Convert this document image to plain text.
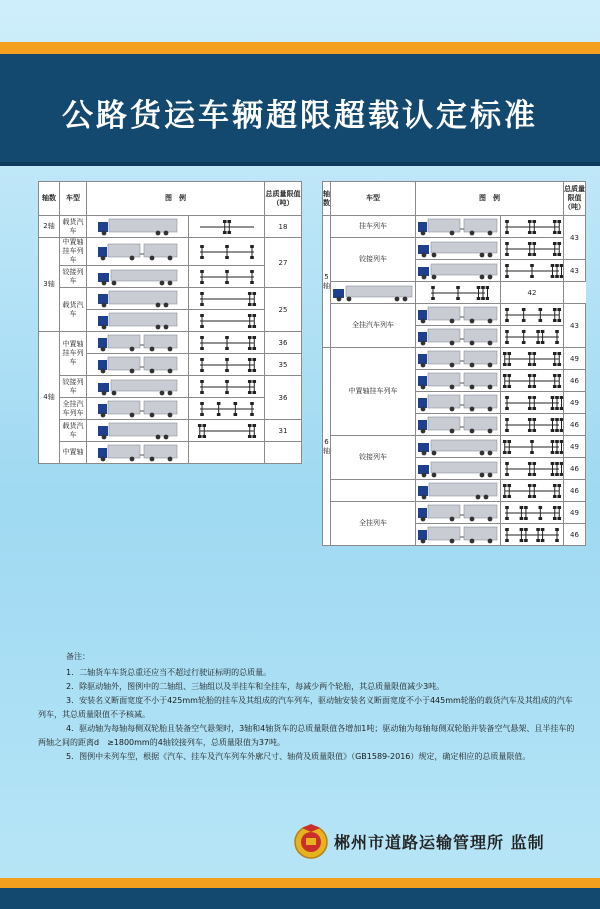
公路货运车辆超限超载认定标准
轴数	车型	图　例		总质量限值（吨）
2轴	载货汽车			18
3轴	中置轴挂车列车			27
	铰接列车	

	载货汽车			25

4轴	中置轴挂车列车			36

	35
	铰接列车			36
	全挂汽车列车	

	载货汽车			31
	中置轴	

轴数	车型	图　例		总质量限值（吨）
5轴	挂车列车			43
	铰接列车	

	43

	42	
	全挂汽车列车			43

6轴	中置轴挂车列车			49

	46

	49

	46
	铰接列车			49

	46

	46
	全挂列车			49

	46

备注：

1．二轴货车车货总重还应当不超过行驶证标明的总质量。

2．除驱动轴外，图例中的二轴组、三轴组以及半挂车和全挂车，每减少两个轮胎，其总质量限值减少3吨。

3．安装名义断面宽度不小于425mm轮胎的挂车及其组成的汽车列车，驱动轴安装名义断面宽度不小于445mm轮胎的载货汽车及其组成的汽车列车，其总质量限值不予核减。

4．驱动轴为每轴每侧双轮胎且装备空气悬架时，3轴和4轴货车的总质量限值各增加1吨；驱动轴为每轴每侧双轮胎并装备空气悬架、且半挂车的两轴之间的距离d　≥1800mm的4轴铰接列车，总质量限值为37吨。

5．图例中未列车型，根据《汽车、挂车及汽车列车外廓尺寸、轴荷及质量限值》（GB1589-2016）规定，确定相应的总质量限值。

郴州市道路运输管理所 监制
